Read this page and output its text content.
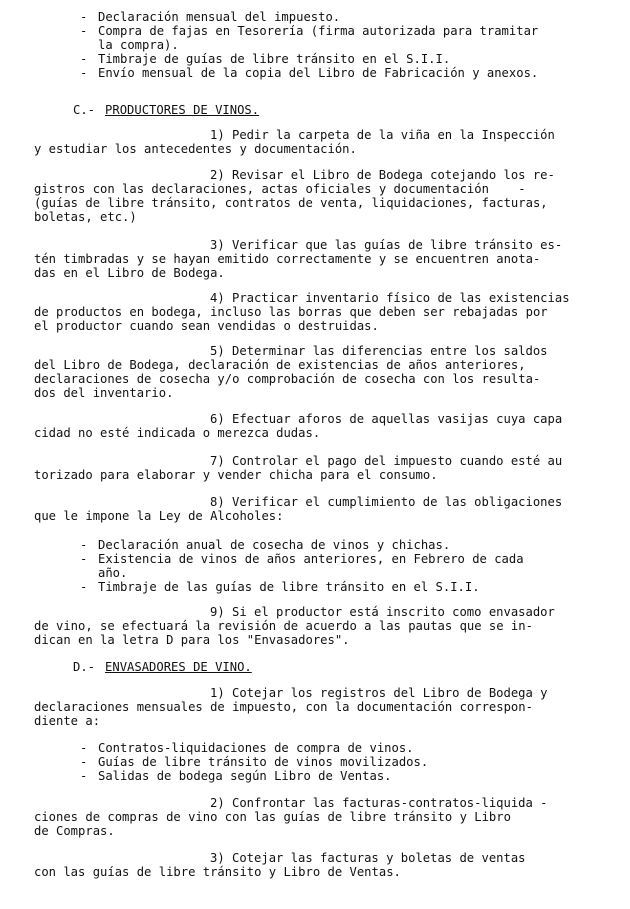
- Declaración mensual del impuesto.
- Compra de fajas en Tesorería (firma autorizada para tramitar
la compra).
- Timbraje de guías de libre tránsito en el S.I.I.
- Envío mensual de la copia del Libro de Fabricación y anexos.
C.- PRODUCTORES DE VINOS.
1) Pedir la carpeta de la viña en la Inspección
y estudiar los antecedentes y documentación.
2) Revisar el Libro de Bodega cotejando los re-
gistros con las declaraciones, actas oficiales y documentación    -
(guías de libre tránsito, contratos de venta, liquidaciones, facturas,
boletas, etc.)
3) Verificar que las guías de libre tránsito es-
tén timbradas y se hayan emitido correctamente y se encuentren anota-
das en el Libro de Bodega.
4) Practicar inventario físico de las existencias
de productos en bodega, incluso las borras que deben ser rebajadas por
el productor cuando sean vendidas o destruidas.
5) Determinar las diferencias entre los saldos
del Libro de Bodega, declaración de existencias de años anteriores,
declaraciones de cosecha y/o comprobación de cosecha con los resulta-
dos del inventario.
6) Efectuar aforos de aquellas vasijas cuya capa
cidad no esté indicada o merezca dudas.
7) Controlar el pago del impuesto cuando esté au
torizado para elaborar y vender chicha para el consumo.
8) Verificar el cumplimiento de las obligaciones
que le impone la Ley de Alcoholes:
- Declaración anual de cosecha de vinos y chichas.
- Existencia de vinos de años anteriores, en Febrero de cada
año.
- Timbraje de las guías de libre tránsito en el S.I.I.
9) Si el productor está inscrito como envasador
de vino, se efectuará la revisión de acuerdo a las pautas que se in-
dican en la letra D para los "Envasadores".
D.- ENVASADORES DE VINO.
1) Cotejar los registros del Libro de Bodega y
declaraciones mensuales de impuesto, con la documentación correspon-
diente a:
- Contratos-liquidaciones de compra de vinos.
- Guías de libre tránsito de vinos movilizados.
- Salidas de bodega según Libro de Ventas.
2) Confrontar las facturas-contratos-liquida -
ciones de compras de vino con las guías de libre tránsito y Libro
de Compras.
3) Cotejar las facturas y boletas de ventas
con las guías de libre tránsito y Libro de Ventas.
